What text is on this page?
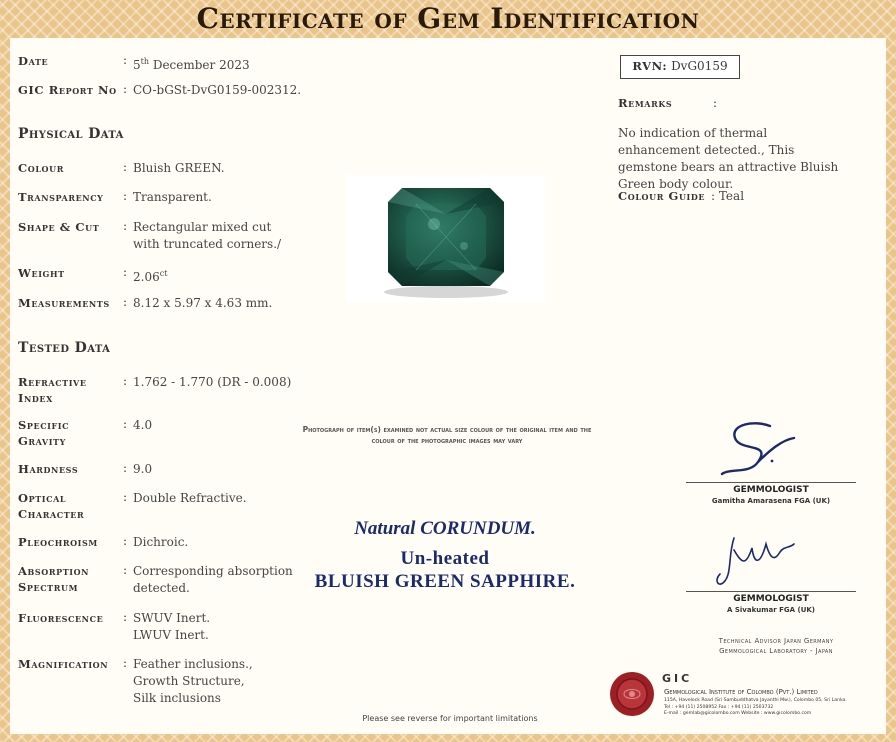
Certificate of Gem Identification
Date	: 5th December 2023
GIC Report No : CO-bGSt-DvG0159-002312.
Physical Data
Colour	: Bluish GREEN.
Transparency	: Transparent.
Shape & Cut	: Rectangular mixed cut with truncated corners./
Weight	: $2.06^{ct}$
Measurements	: 8.12 x 5.97 x 4.63 mm.
Tested Data
Refractive Index
: 1.762 - 1.770 (DR - 0.008)
Specific Gravity
: 4.0
Hardness	: 9.0
Optical Character
: Double Refractive.
Pleochroism	: Dichroic.
Absorption Spectrum
: Corresponding absorption detected.
Fluorescence	: SWUV Inert.
LWUV Inert.
Magnification	: Feather inclusions.,
Growth Structure,
Silk inclusions
Photograph of item(s) examined not actual size colour of the original item and the colour of the photographic images may vary
Natural CORUNDUM.
Un-heated
BLUISH GREEN SAPPHIRE.
RVN: DvG0159
Remarks	:
No indication of thermal enhancement detected., This gemstone bears an attractive Bluish Green body colour.
Colour Guide : Teal
GEMMOLOGIST
Gamitha Amarasena FGA (UK)
GEMMOLOGIST
A Sivakumar FGA (UK)
Technical Advisor Japan Germany
Gemmological Laboratory - Japan
GIC
Gemmological Institute of Colombo (Pvt.) Limited
115A, Havelock Road (Sri Sambuddhatva Jayanthi Mw.), Colombo 05, Sri Lanka.
Tel : +94 (11) 2508952 Fax : +94 (11) 2503732
E-mail : gemlab@gicolombo.com Website : www.gicolombo.com
Please see reverse for important limitations
